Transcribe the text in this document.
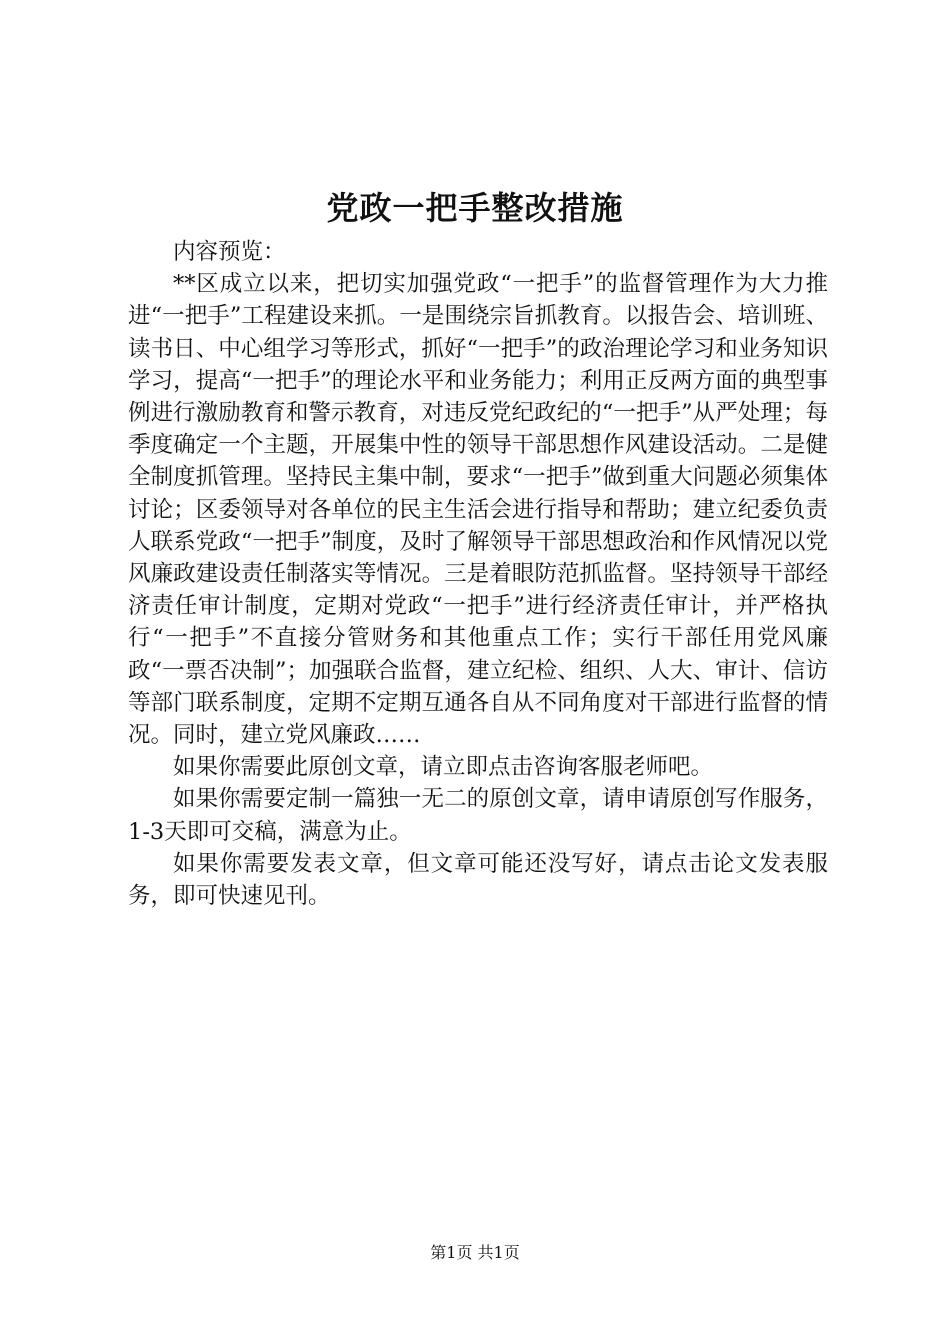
党政一把手整改措施

内容预览：

**区成立以来，把切实加强党政“一把手”的监督管理作为大力推进“一把手”工程建设来抓。一是围绕宗旨抓教育。以报告会、培训班、读书日、中心组学习等形式，抓好“一把手”的政治理论学习和业务知识学习，提高“一把手”的理论水平和业务能力；利用正反两方面的典型事例进行激励教育和警示教育，对违反党纪政纪的“一把手”从严处理；每季度确定一个主题，开展集中性的领导干部思想作风建设活动。二是健全制度抓管理。坚持民主集中制，要求“一把手”做到重大问题必须集体讨论；区委领导对各单位的民主生活会进行指导和帮助；建立纪委负责人联系党政“一把手”制度，及时了解领导干部思想政治和作风情况以党风廉政建设责任制落实等情况。三是着眼防范抓监督。坚持领导干部经济责任审计制度，定期对党政“一把手”进行经济责任审计，并严格执行“一把手”不直接分管财务和其他重点工作；实行干部任用党风廉政“一票否决制”；加强联合监督，建立纪检、组织、人大、审计、信访等部门联系制度，定期不定期互通各自从不同角度对干部进行监督的情况。同时，建立党风廉政……

如果你需要此原创文章，请立即点击咨询客服老师吧。

如果你需要定制一篇独一无二的原创文章，请申请原创写作服务，1-3天即可交稿，满意为止。

如果你需要发表文章，但文章可能还没写好，请点击论文发表服务，即可快速见刊。

第1页 共1页
